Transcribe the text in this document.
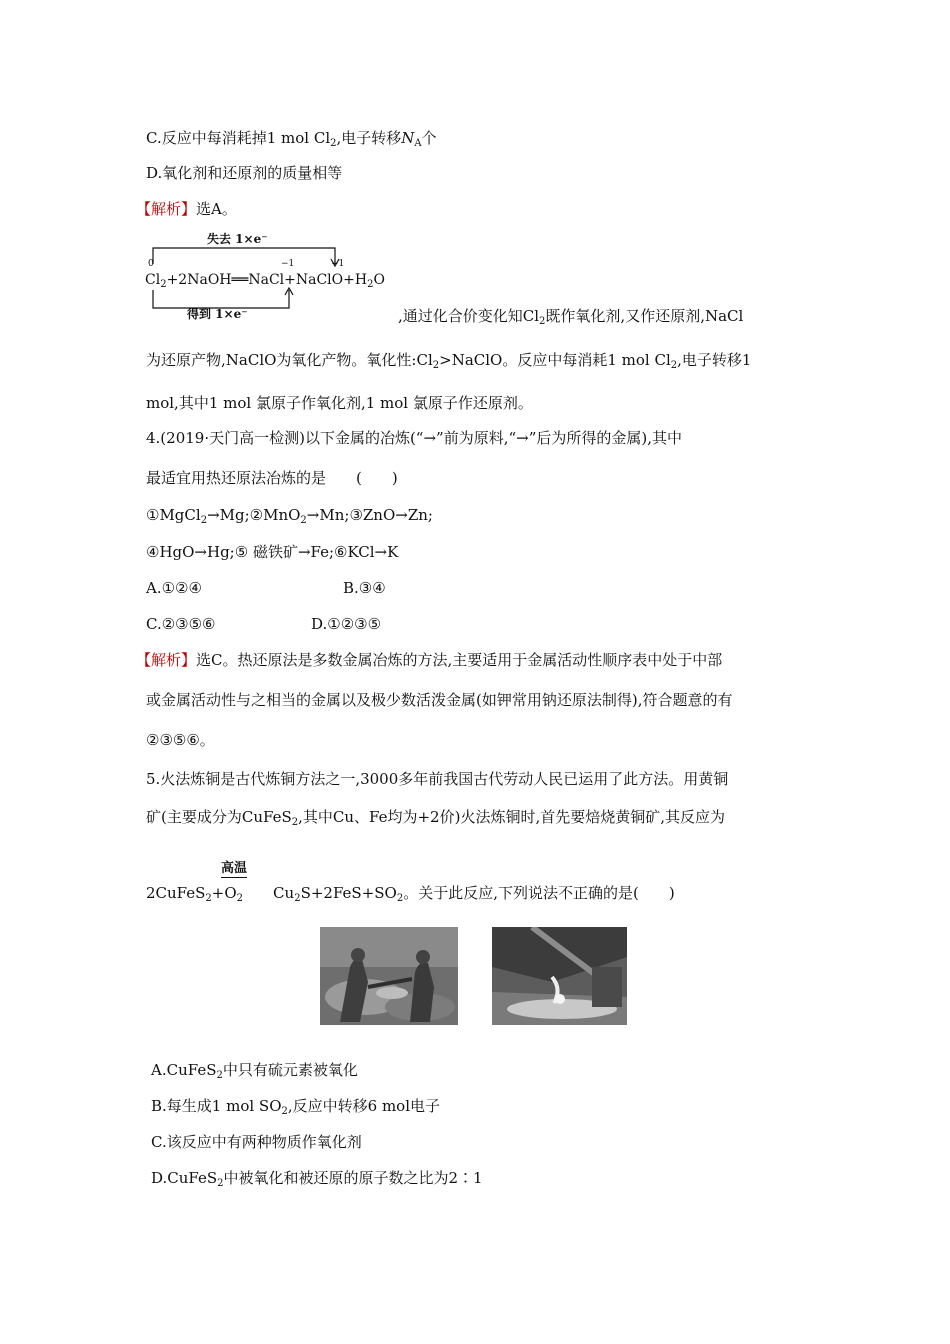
C.反应中每消耗掉1 mol $Cl_2$,电子转移$N_A$个
D.氧化剂和还原剂的质量相等
【解析】选A。
失去 1×e⁻
0	−1	+1
$Cl_2+2NaOH══NaCl+NaClO+H_2O$
得到 1×e⁻	,通过化合价变化知$Cl_2$既作氧化剂,又作还原剂,NaCl
为还原产物,NaClO为氧化产物。氧化性$:Cl_2>NaClO$。反应中每消耗1 mol $Cl_2$,电子转移1
mol,其中1 mol 氯原子作氧化剂,1 mol 氯原子作还原剂。
4.(2019·天门高一检测)以下金属的冶炼(“→”前为原料,“→”后为所得的金属),其中
最适宜用热还原法冶炼的是　　(　　)
①MgCl$_2$→Mg;②MnO$_2$→Mn;③ZnO→Zn;
④HgO→Hg;⑤ 磁铁矿→Fe;⑥KCl→K
A.①②④	B.③④
C.②③⑤⑥	D.①②③⑤
【解析】选C。热还原法是多数金属冶炼的方法,主要适用于金属活动性顺序表中处于中部
或金属活动性与之相当的金属以及极少数活泼金属(如钾常用钠还原法制得),符合题意的有
②③⑤⑥。
5.火法炼铜是古代炼铜方法之一,3000多年前我国古代劳动人民已运用了此方法。用黄铜
矿(主要成分为CuFeS$_2$,其中Cu、Fe均为+2价)火法炼铜时,首先要焙烧黄铜矿,其反应为
高温
$2CuFeS_2+O_2$ $Cu_2S+2FeS+SO_2$。关于此反应,下列说法不正确的是(　　)
A.CuFeS$_2$中只有硫元素被氧化
B.每生成1 mol $SO_2$,反应中转移6 mol电子
C.该反应中有两种物质作氧化剂
D.CuFeS$_2$中被氧化和被还原的原子数之比为2∶1
